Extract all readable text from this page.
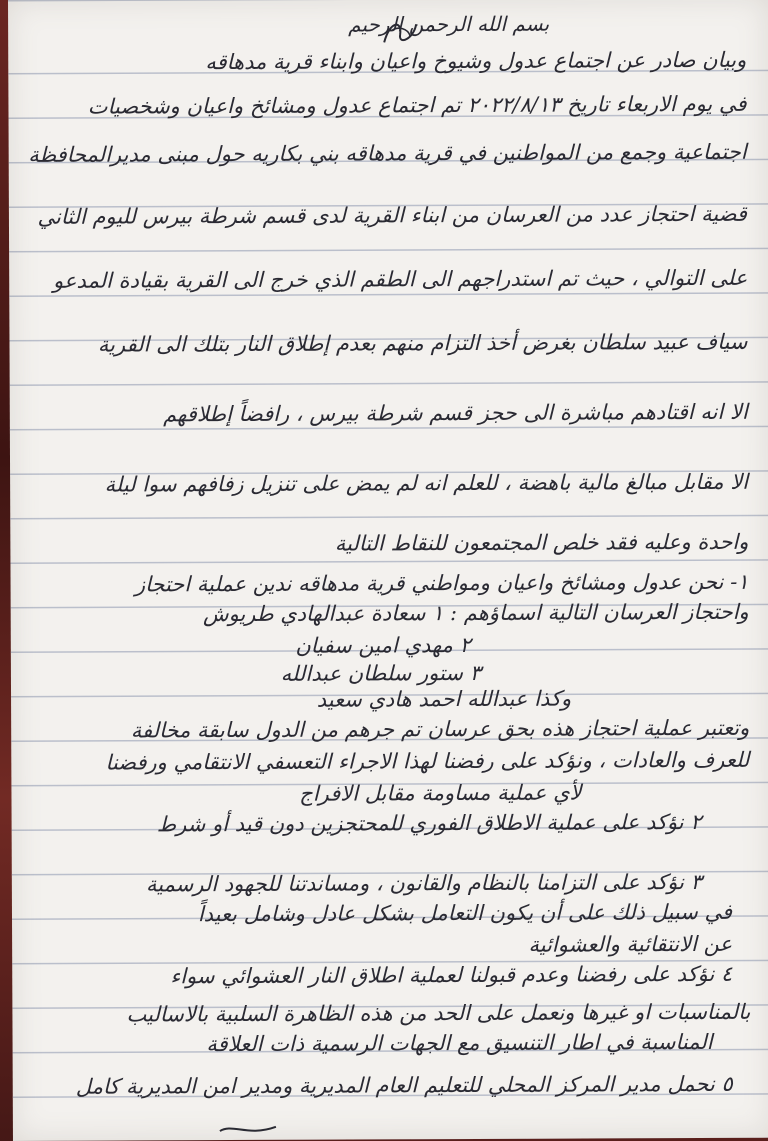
بسم الله الرحمن الرحيم

وبيان صادر عن اجتماع عدول وشيوخ واعيان وابناء قرية مدهاقه

في يوم الاربعاء تاريخ ٢٠٢٢/٨/١٣ تم اجتماع عدول ومشائخ واعيان وشخصيات

اجتماعية وجمع من المواطنين في قرية مدهاقه بني بكاريه حول مبنى مديرالمحافظة

قضية احتجاز عدد من العرسان من ابناء القرية لدى قسم شرطة بيرس لليوم الثاني

على التوالي ، حيث تم استدراجهم الى الطقم الذي خرج الى القرية بقيادة المدعو

سياف عبيد سلطان بغرض أخذ التزام منهم بعدم إطلاق النار بتلك الى القرية

الا انه اقتادهم مباشرة الى حجز قسم شرطة بيرس ، رافضاً إطلاقهم

الا مقابل مبالغ مالية باهضة ، للعلم انه لم يمض على تنزيل زفافهم سوا ليلة

واحدة وعليه فقد خلص المجتمعون للنقاط التالية

١- نحن عدول ومشائخ واعيان ومواطني قرية مدهاقه ندين عملية احتجاز

واحتجاز العرسان التالية اسماؤهم : ١ سعادة عبدالهادي طريوش

٢ مهدي امين سفيان

٣ ستور سلطان عبدالله

وكذا عبدالله احمد هادي سعيد

وتعتبر عملية احتجاز هذه بحق عرسان تم جرهم من الدول سابقة مخالفة

للعرف والعادات ، ونؤكد على رفضنا لهذا الاجراء التعسفي الانتقامي ورفضنا

لأي عملية مساومة مقابل الافراج

٢ نؤكد على عملية الاطلاق الفوري للمحتجزين دون قيد أو شرط

٣ نؤكد على التزامنا بالنظام والقانون ، ومساندتنا للجهود الرسمية

في سبيل ذلك على أن يكون التعامل بشكل عادل وشامل بعيداً

عن الانتقائية والعشوائية

٤ نؤكد على رفضنا وعدم قبولنا لعملية اطلاق النار العشوائي سواء

بالمناسبات او غيرها ونعمل على الحد من هذه الظاهرة السلبية بالاساليب

المناسبة في اطار التنسيق مع الجهات الرسمية ذات العلاقة

٥ نحمل مدير المركز المحلي للتعليم العام المديرية ومدير امن المديرية كامل
